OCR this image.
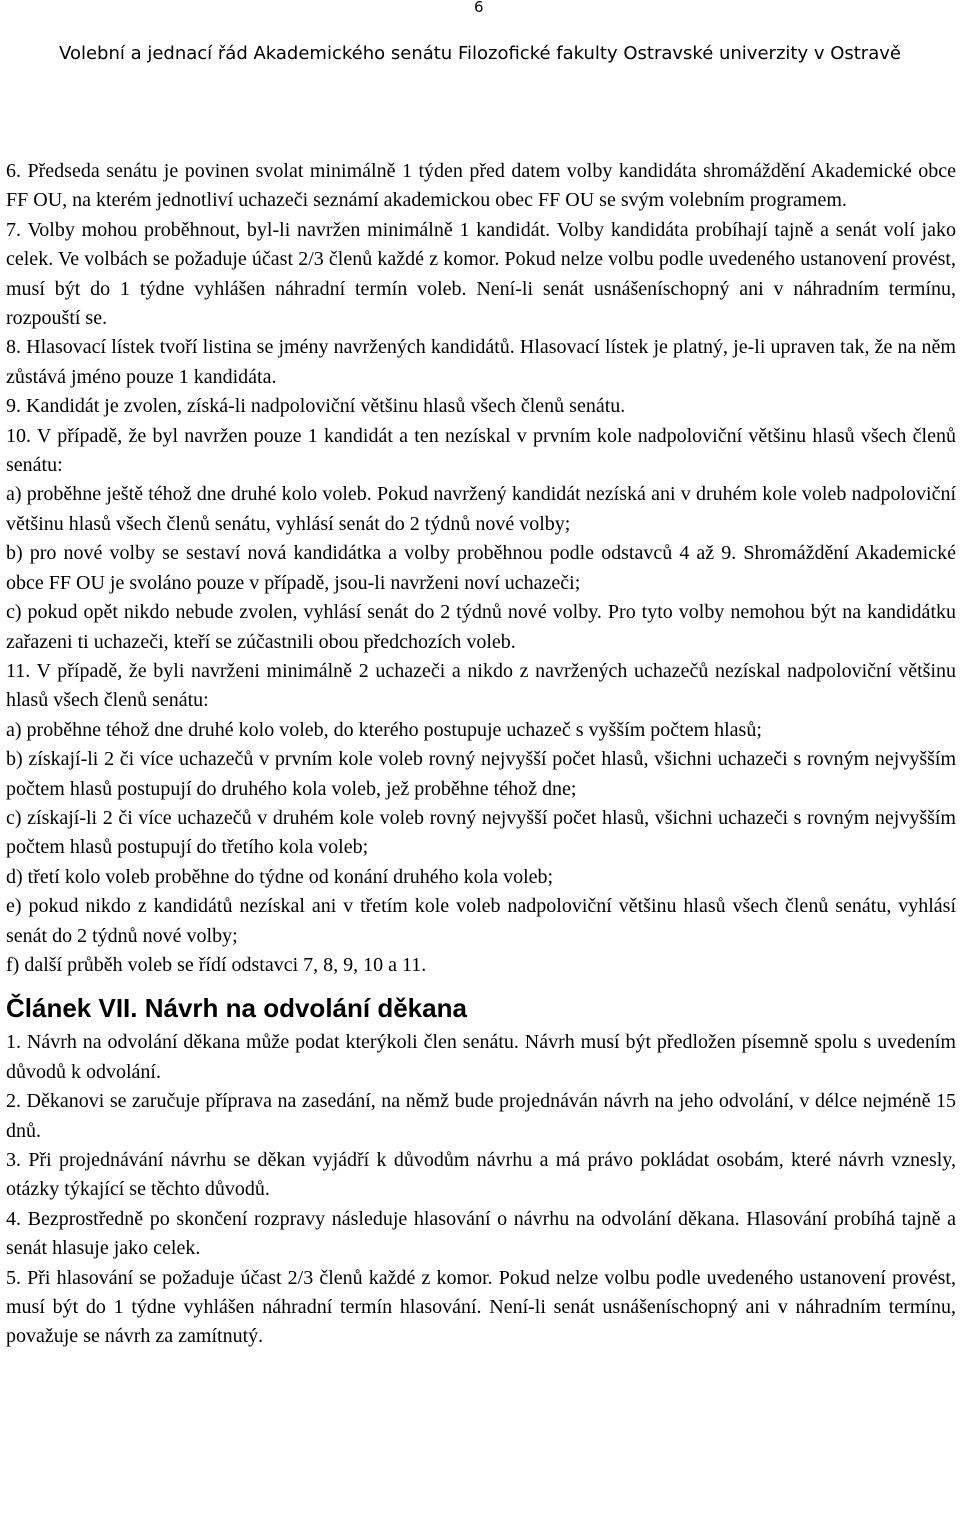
6
Volební a jednací řád Akademického senátu Filozofické fakulty Ostravské univerzity v Ostravě

6. Předseda senátu je povinen svolat minimálně 1 týden před datem volby kandidáta shromáždění Akademické obce FF OU, na kterém jednotliví uchazeči seznámí akademickou obec FF OU se svým volebním programem.

7. Volby mohou proběhnout, byl-li navržen minimálně 1 kandidát. Volby kandidáta probíhají tajně a senát volí jako celek. Ve volbách se požaduje účast 2/3 členů každé z komor. Pokud nelze volbu podle uvedeného ustanovení provést, musí být do 1 týdne vyhlášen náhradní termín voleb. Není-li senát usnášeníschopný ani v náhradním termínu, rozpouští se.

8. Hlasovací lístek tvoří listina se jmény navržených kandidátů. Hlasovací lístek je platný, je-li upraven tak, že na něm zůstává jméno pouze 1 kandidáta.

9. Kandidát je zvolen, získá-li nadpoloviční většinu hlasů všech členů senátu.

10. V případě, že byl navržen pouze 1 kandidát a ten nezískal v prvním kole nadpoloviční většinu hlasů všech členů senátu:

a) proběhne ještě téhož dne druhé kolo voleb. Pokud navržený kandidát nezíská ani v druhém kole voleb nadpoloviční většinu hlasů všech členů senátu, vyhlásí senát do 2 týdnů nové volby;

b) pro nové volby se sestaví nová kandidátka a volby proběhnou podle odstavců 4 až 9. Shromáždění Akademické obce FF OU je svoláno pouze v případě, jsou-li navrženi noví uchazeči;

c) pokud opět nikdo nebude zvolen, vyhlásí senát do 2 týdnů nové volby. Pro tyto volby nemohou být na kandidátku zařazeni ti uchazeči, kteří se zúčastnili obou předchozích voleb.

11. V případě, že byli navrženi minimálně 2 uchazeči a nikdo z navržených uchazečů nezískal nadpoloviční většinu hlasů všech členů senátu:

a) proběhne téhož dne druhé kolo voleb, do kterého postupuje uchazeč s vyšším počtem hlasů;

b) získají-li 2 či více uchazečů v prvním kole voleb rovný nejvyšší počet hlasů, všichni uchazeči s rovným nejvyšším počtem hlasů postupují do druhého kola voleb, jež proběhne téhož dne;

c) získají-li 2 či více uchazečů v druhém kole voleb rovný nejvyšší počet hlasů, všichni uchazeči s rovným nejvyšším počtem hlasů postupují do třetího kola voleb;

d) třetí kolo voleb proběhne do týdne od konání druhého kola voleb;

e) pokud nikdo z kandidátů nezískal ani v třetím kole voleb nadpoloviční většinu hlasů všech členů senátu, vyhlásí senát do 2 týdnů nové volby;

f) další průběh voleb se řídí odstavci 7, 8, 9, 10 a 11.

Článek VII. Návrh na odvolání děkana

1. Návrh na odvolání děkana může podat kterýkoli člen senátu. Návrh musí být předložen písemně spolu s uvedením důvodů k odvolání.

2. Děkanovi se zaručuje příprava na zasedání, na němž bude projednáván návrh na jeho odvolání, v délce nejméně 15 dnů.

3. Při projednávání návrhu se děkan vyjádří k důvodům návrhu a má právo pokládat osobám, které návrh vznesly, otázky týkající se těchto důvodů.

4. Bezprostředně po skončení rozpravy následuje hlasování o návrhu na odvolání děkana. Hlasování probíhá tajně a senát hlasuje jako celek.

5. Při hlasování se požaduje účast 2/3 členů každé z komor. Pokud nelze volbu podle uvedeného ustanovení provést, musí být do 1 týdne vyhlášen náhradní termín hlasování. Není-li senát usnášeníschopný ani v náhradním termínu, považuje se návrh za zamítnutý.
